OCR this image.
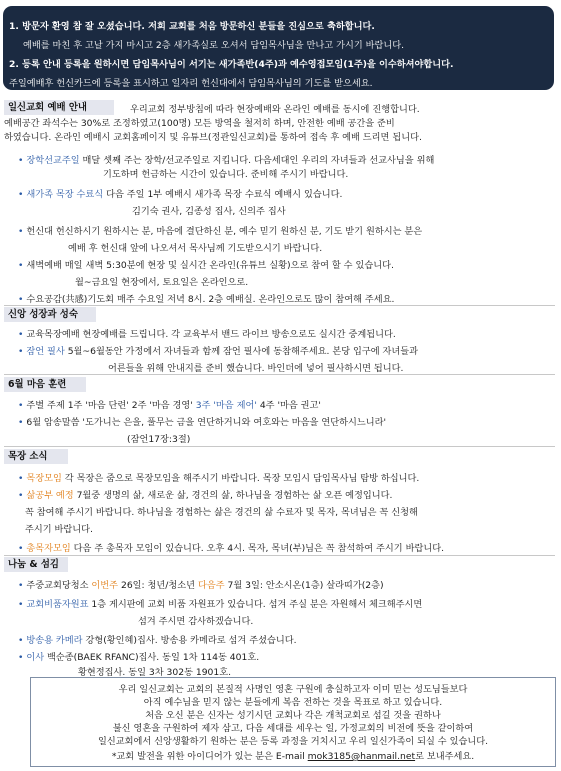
1. 방문자 환영 참 잘 오셨습니다. 저희 교회를 처음 방문하신 분들을 진심으로 축하합니다.
예배를 마친 후 고날 가지 마시고 2층 새가족실로 오셔서 담임목사님을 만나고 가시기 바랍니다.
2. 등록 안내 등록을 원하시면 담임목사님이 서기는 새가족반(4주)과 예수영접모임(1주)을 이수하셔야합니다.
주일예배후 헌신카드에 등록을 표시하고 일자리 헌신대에서 담임목사님의 기도를 받으세요.
일신교회 예배 안내	우리교회 정부방침에 따라 현장예배와 온라인 예배를 동시에 진행합니다.
예배공간 좌석수는 30%로 조정하였고(100명) 모든 방역을 철저히 하며, 안전한 예배 공간을 준비
하였습니다. 온라인 예배시 교회홈페이지 및 유튜브(정관일신교회)를 통하여 접속 후 예배 드리면 됩니다.
• 장학선교주일 매달 셋째 주는 장학/선교주일로 지킵니다. 다음세대인 우리의 자녀들과 선교사님을 위해
기도하며 헌금하는 시간이 있습니다. 준비해 주시기 바랍니다.
• 새가족 목장 수료식 다음 주일 1부 예배시 새가족 목장 수료식 예배시 있습니다.
김기숙 권사, 김종성 집사, 신의주 집사
• 헌신대 헌신하시기 원하시는 분, 마음에 결단하신 분, 예수 믿기 원하신 분, 기도 받기 원하시는 분은
예배 후 헌신대 앞에 나오셔서 목사님께 기도받으시기 바랍니다.
• 새벽예배 매일 새벽 5:30분에 현장 및 실시간 온라인(유튜브 실황)으로 참여 할 수 있습니다.
월~금요일 현장에서, 토요일은 온라인으로.
• 수요공감(共感)기도회 매주 수요일 저녁 8시. 2층 예배실. 온라인으로도 많이 참여해 주세요.
신앙 성장과 성숙
• 교육목장예배 현장예배를 드립니다. 각 교육부서 밴드 라이브 방송으로도 실시간 중계됩니다.
• 잠언 필사 5월~6월동안 가정에서 자녀들과 함께 잠언 필사에 동참해주세요. 본당 입구에 자녀들과
어른들을 위해 안내지를 준비 했습니다. 바인더에 넣어 필사하시면 됩니다.
6월 마음 훈련
• 주별 주제 1주 '마음 단련' 2주 '마음 경영' 3주 '마음 제어' 4주 '마음 권고'
• 6월 암송말씀 '도가니는 은을, 풀무는 금을 연단하거니와 여호와는 마음을 연단하시느니라'
(잠언17장:3절)
목장 소식
• 목장모임 각 목장은 줌으로 목장모임을 해주시기 바랍니다. 목장 모임시 담임목사님 탐방 하십니다.
• 삶공부 예정 7월중 생명의 삶, 새로운 삶, 경건의 삶, 하나님을 경험하는 삶 오픈 예정입니다.
꼭 참여해 주시기 바랍니다. 하나님을 경험하는 삶은 경건의 삶 수료자 및 목자, 목녀님은 꼭 신청해
주시기 바랍니다.
• 총목자모임 다음 주 총목자 모임이 있습니다. 오후 4시. 목자, 목녀(부)님은 꼭 참석하여 주시기 바랍니다.
나눔 & 섬김
• 주중교회당청소 이번주 26일: 청년/청소년 다음주 7월 3일: 안소시온(1층) 살라띠가(2층)
• 교회비품자원표 1층 게시판에 교회 비품 자원표가 있습니다. 섬겨 주실 분은 자원해서 체크해주시면
섬겨 주시면 감사하겠습니다.
• 방송용 카메라 강형(황인혜)집사. 방송용 카메라로 섬겨 주셨습니다.
• 이사 백순종(BAEK RFANC)집사. 동일 1차 114동 401호.
황현정집사. 동일 3차 302동 1901호.
우리 일신교회는 교회의 본질적 사명인 영혼 구원에 충실하고자 이미 믿는 성도님들보다
아직 예수님을 믿지 않는 분들에게 복음 전하는 것을 목표로 하고 있습니다.
처음 오신 분은 신자는 성기시던 교회나 각은 개척교회로 섬길 것을 권하나
불신 영혼을 구원하여 제자 삼고, 다음 세대를 세우는 일, 가정교회의 비전에 뜻을 같이하여
일신교회에서 신앙생활하기 원하는 분은 등록 과정을 거치시고 우리 일신가족이 되실 수 있습니다.
*교회 발전을 위한 아이디어가 있는 분은 E-mail mok3185@hanmail.net로 보내주세요.
